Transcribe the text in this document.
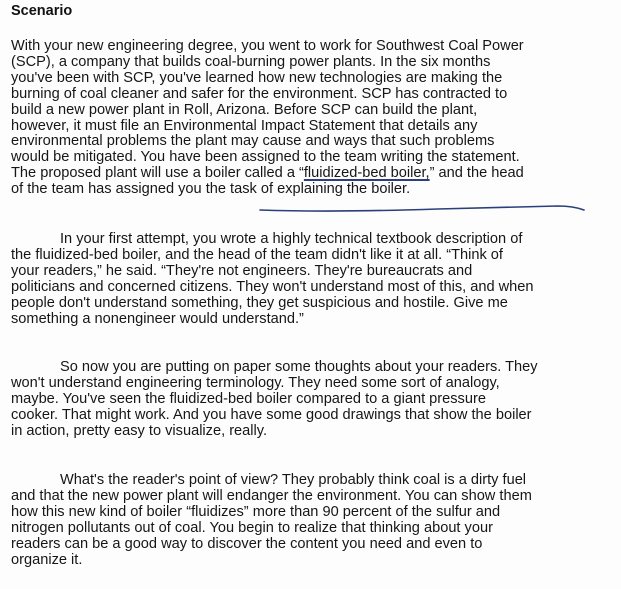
Scenario
With your new engineering degree, you went to work for Southwest Coal Power
(SCP), a company that builds coal-burning power plants. In the six months
you've been with SCP, you've learned how new technologies are making the
burning of coal cleaner and safer for the environment. SCP has contracted to
build a new power plant in Roll, Arizona. Before SCP can build the plant,
however, it must file an Environmental Impact Statement that details any
environmental problems the plant may cause and ways that such problems
would be mitigated. You have been assigned to the team writing the statement.
The proposed plant will use a boiler called a “fluidized-bed boiler,” and the head
of the team has assigned you the task of explaining the boiler.
In your first attempt, you wrote a highly technical textbook description of
the fluidized-bed boiler, and the head of the team didn't like it at all. “Think of
your readers,” he said. “They're not engineers. They're bureaucrats and
politicians and concerned citizens. They won't understand most of this, and when
people don't understand something, they get suspicious and hostile. Give me
something a nonengineer would understand.”
So now you are putting on paper some thoughts about your readers. They
won't understand engineering terminology. They need some sort of analogy,
maybe. You've seen the fluidized-bed boiler compared to a giant pressure
cooker. That might work. And you have some good drawings that show the boiler
in action, pretty easy to visualize, really.
What's the reader's point of view? They probably think coal is a dirty fuel
and that the new power plant will endanger the environment. You can show them
how this new kind of boiler “fluidizes” more than 90 percent of the sulfur and
nitrogen pollutants out of coal. You begin to realize that thinking about your
readers can be a good way to discover the content you need and even to
organize it.
